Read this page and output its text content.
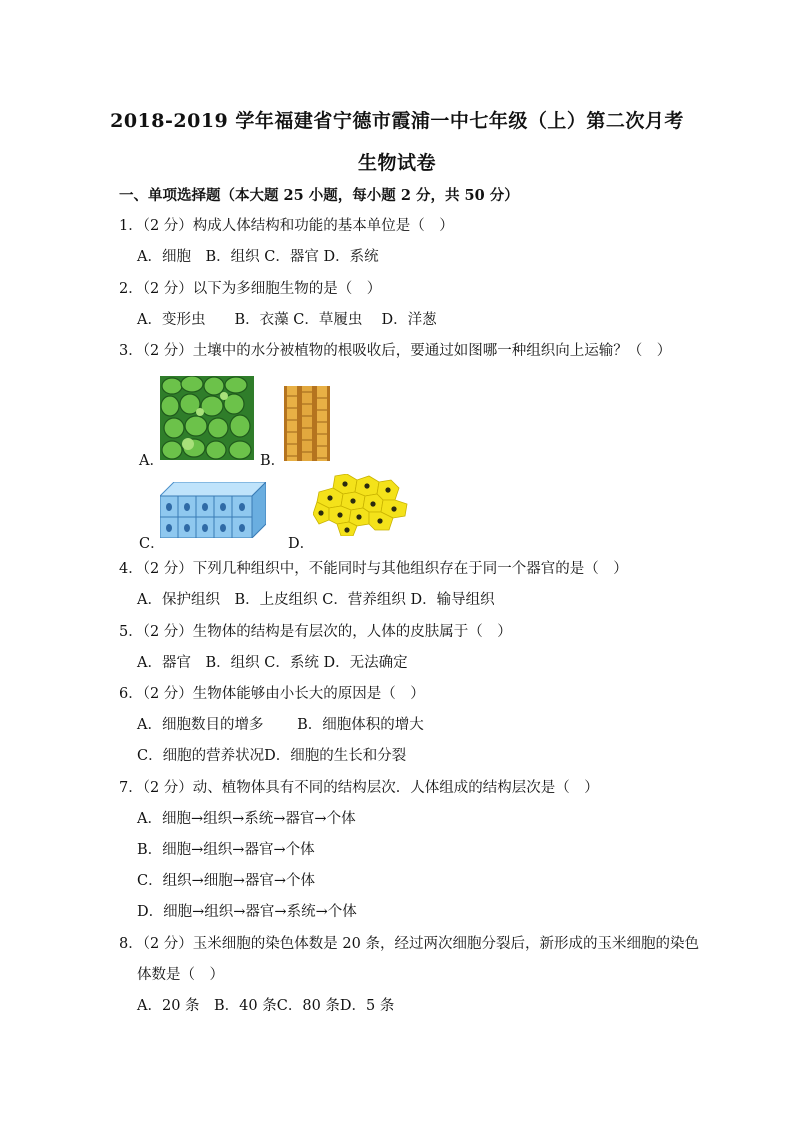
2018-2019 学年福建省宁德市霞浦一中七年级（上）第二次月考
生物试卷
一、单项选择题（本大题 25 小题，每小题 2 分，共 50 分）
1．（2 分）构成人体结构和功能的基本单位是（　）
A．细胞　B．组织 C．器官 D．系统
2．（2 分）以下为多细胞生物的是（　）
A．变形虫　　B．衣藻 C．草履虫　 D．洋葱
3．（2 分）土壤中的水分被植物的根吸收后，要通过如图哪一种组织向上运输？（　）
A．	B．
C．	D．
4．（2 分）下列几种组织中，不能同时与其他组织存在于同一个器官的是（　）
A．保护组织　B．上皮组织 C．营养组织 D．输导组织
5．（2 分）生物体的结构是有层次的，人体的皮肤属于（　）
A．器官　B．组织 C．系统 D．无法确定
6．（2 分）生物体能够由小长大的原因是（　）
A．细胞数目的增多　　 B．细胞体积的增大
C．细胞的营养状况D．细胞的生长和分裂
7．（2 分）动、植物体具有不同的结构层次．人体组成的结构层次是（　）
A．细胞→组织→系统→器官→个体
B．细胞→组织→器官→个体
C．组织→细胞→器官→个体
D．细胞→组织→器官→系统→个体
8．（2 分）玉米细胞的染色体数是 20 条，经过两次细胞分裂后，新形成的玉米细胞的染色
体数是（　）
A．20 条　B．40 条C．80 条D．5 条
